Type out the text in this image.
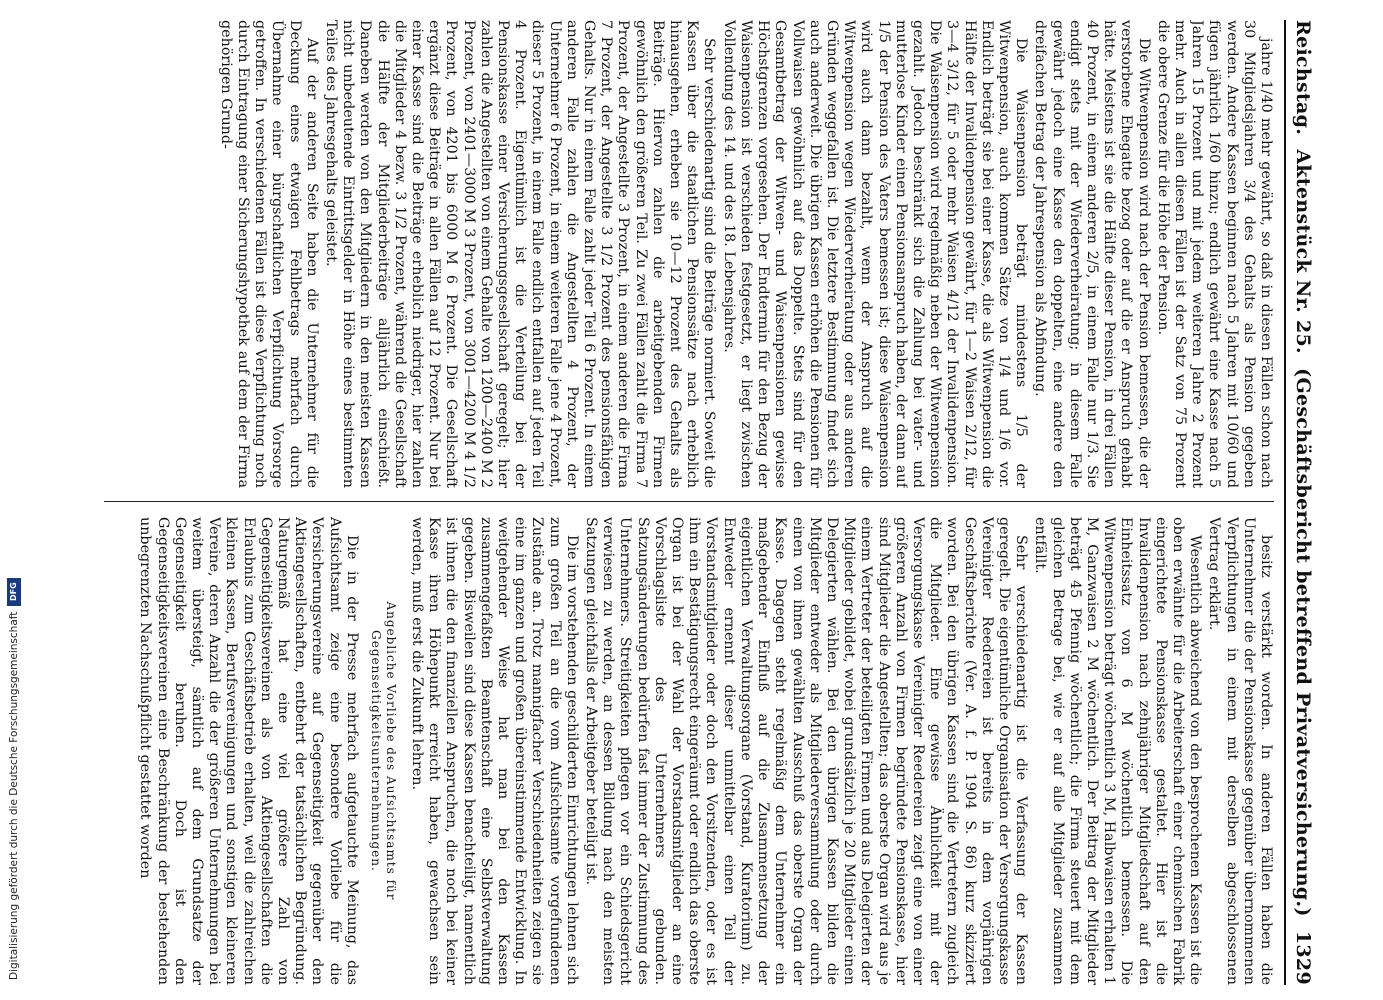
Reichstag.
Aktenstück Nr. 25.
(Geschäftsbericht betreffend Privatversicherung.)
1329

jahre 1/40 mehr gewährt, so daß in diesen Fällen schon nach 30 Mitgliedsjahren 3/4 des Gehalts als Pension gegeben werden. Andere Kassen beginnen nach 5 Jahren mit 10/60 und fügen jährlich 1/60 hinzu; endlich gewährt eine Kasse nach 5 Jahren 15 Prozent und mit jedem weiteren Jahre 2 Prozent mehr. Auch in allen diesen Fällen ist der Satz von 75 Prozent die obere Grenze für die Höhe der Pension.

Die Witwenpension wird nach der Pension bemessen, die der verstorbene Ehegatte bezog oder auf die er Anspruch gehabt hätte. Meistens ist sie die Hälfte dieser Pension, in drei Fällen 40 Prozent, in einem anderen 2/5, in einem Falle nur 1/3. Sie endigt stets mit der Wiederverheiratung; in diesem Falle gewährt jedoch eine Kasse den doppelten, eine andere den dreifachen Betrag der Jahrespension als Abfindung.

Die Waisenpension beträgt mindestens 1/5 der Witwenpension, auch kommen Sätze von 1/4 und 1/6 vor. Endlich beträgt sie bei einer Kasse, die als Witwenpension die Hälfte der Invalidenpension gewährt, für 1—2 Waisen 2/12, für 3—4 3/12, für 5 oder mehr Waisen 4/12 der Invalidenpension. Die Waisenpension wird regelmäßig neben der Witwenpension gezahlt. Jedoch beschränkt sich die Zahlung bei vater- und mutterlose Kinder einen Pensionsanspruch haben, der dann auf 1/5 der Pension des Vaters bemessen ist; diese Waisenpension wird auch dann bezahlt, wenn der Anspruch auf die Witwenpension wegen Wiederverheiratung oder aus anderen Gründen weggefallen ist. Die letztere Bestimmung findet sich auch anderweit. Die übrigen Kassen erhöhen die Pensionen für Vollwaisen gewöhnlich auf das Doppelte. Stets sind für den Gesamtbetrag der Witwen- und Waisenpensionen gewisse Höchstgrenzen vorgesehen. Der Endtermin für den Bezug der Waisenpension ist verschieden festgesetzt, er liegt zwischen Vollendung des 14. und des 18. Lebensjahres.

Sehr verschiedenartig sind die Beiträge normiert. Soweit die Kassen über die staatlichen Pensionssätze nach erheblich hinausgehen, erheben sie 10—12 Prozent des Gehalts als Beiträge. Hiervon zahlen die arbeitgebenden Firmen gewöhnlich den größeren Teil. Zu zwei Fällen zahlt die Firma 7 Prozent, der Angestellte 3 Prozent, in einem anderen die Firma 7 Prozent, der Angestellte 3 1/2 Prozent des pensionsfähigen Gehalts. Nur in einem Falle zahlt jeder Teil 6 Prozent. In einem anderen Falle zahlen die Angestellten 4 Prozent, der Unternehmer 6 Prozent, in einem weiteren Falle jene 4 Prozent, dieser 5 Prozent, in einem Falle endlich entfallen auf jeden Teil 4 Prozent. Eigentümlich ist die Verteilung bei der Pensionskasse einer Versicherungsgesellschaft geregelt; hier zahlen die Angestellten von einem Gehalte von 1200—2400 M 2 Prozent, von 2401—3000 M 3 Prozent, von 3001—4200 M 4 1/2 Prozent, von 4201 bis 6000 M 6 Prozent. Die Gesellschaft ergänzt diese Beiträge in allen Fällen auf 12 Prozent. Nur bei einer Kasse sind die Beiträge erheblich niedriger, hier zahlen die Mitglieder 4 bezw. 3 1/2 Prozent, während die Gesellschaft die Hälfte der Mitgliederbeiträge alljährlich einschießt. Daneben werden von den Mitgliedern in den meisten Kassen nicht unbedeutende Eintrittsgelder in Höhe eines bestimmten Teiles des Jahresgehalts geleistet.

Auf der anderen Seite haben die Unternehmer für die Deckung eines etwaigen Fehlbetrags mehrfach durch Übernahme einer bürgschaftlichen Verpflichtung Vorsorge getroffen. In verschiedenen Fällen ist diese Verpflichtung noch durch Eintragung einer Sicherungshypothek auf dem der Firma gehörigen Grund-

besitz verstärkt worden. In anderen Fällen haben die Unternehmer die der Pensionskasse gegenüber übernommenen Verpflichtungen in einem mit derselben abgeschlossenen Vertrag erklärt.

Wesentlich abweichend von den besprochenen Kassen ist die oben erwähnte für die Arbeiterschaft einer chemischen Fabrik eingerichtete Pensionskasse gestaltet. Hier ist die Invalidenpension nach zehnjähriger Mitgliedschaft auf den Einheitssatz von 6 M wöchentlich bemessen. Die Witwenpension beträgt wöchentlich 3 M, Halbwaisen erhalten 1 M, Ganzwaisen 2 M wöchentlich. Der Beitrag der Mitglieder beträgt 45 Pfennig wöchentlich; die Firma steuert mit dem gleichen Betrage bei, wie er auf alle Mitglieder zusammen entfällt.

Sehr verschiedenartig ist die Verfassung der Kassen geregelt. Die eigentümliche Organisation der Versorgungskasse Vereinigter Reedereien ist bereits in dem vorjährigen Geschäftsberichte (Ver. A. f. P. 1904 S. 86) kurz skizziert worden. Bei den übrigen Kassen sind die Vertretern zugleich die Mitglieder. Eine gewisse Ähnlichkeit mit der Versorgungskasse Vereinigter Reedereien zeigt eine von einer größeren Anzahl von Firmen begründete Pensionskasse, hier sind Mitglieder die Angestellten; das oberste Organ wird aus je einem Vertreter der beteiligten Firmen und aus Delegierten der Mitglieder gebildet, wobei grundsätzlich je 20 Mitglieder einen Delegierten wählen. Bei den übrigen Kassen bilden die Mitglieder entweder als Mitgliederversammlung oder durch einen von ihnen gewählten Ausschuß das oberste Organ der Kasse. Dagegen steht regelmäßig dem Unternehmer ein maßgebender Einfluß auf die Zusammensetzung der eigentlichen Verwaltungsorgane (Vorstand, Kuratorium) zu. Entweder ernennt dieser unmittelbar einen Teil der Vorstandsmitglieder oder doch den Vorsitzenden, oder es ist ihm ein Bestätigungsrecht eingeräumt oder endlich das oberste Organ ist bei der Wahl der Vorstandsmitglieder an eine Vorschlagsliste des Unternehmers gebunden. Satzungsänderungen bedürfen fast immer der Zustimmung des Unternehmers. Streitigkeiten pflegen vor ein Schiedsgericht verwiesen zu werden, an dessen Bildung nach den meisten Satzungen gleichfalls der Arbeitgeber beteiligt ist.

Die im vorstehenden geschilderten Einrichtungen lehnen sich zum großen Teil an die vom Aufsichtsamte vorgefundenen Zustände an. Trotz mannigfacher Verschiedenheiten zeigen sie eine im ganzen und großen übereinstimmende Entwicklung. In weitgehender Weise hat man bei den Kassen zusammengefaßten Beamtenschaft eine Selbstverwaltung gegeben. Bisweilen sind diese Kassen benachteiligt, namentlich ist ihnen die den finanziellen Anspruchen, die noch bei keiner Kasse ihren Höhepunkt erreicht haben, gewachsen sein werden, muß erst die Zukunft lehren.

Angebliche Vorliebe des Aufsichtsamts für Gegenseitigkeitsunternehmungen.

Die in der Presse mehrfach aufgetauchte Meinung, das Aufsichtsamt zeige eine besondere Vorliebe für die Versicherungsvereine auf Gegenseitigkeit gegenüber den Aktiengesellschaften, entbehrt der tatsächlichen Begründung. Naturgemäß hat eine viel größere Zahl von Gegenseitigkeitsvereinen als von Aktiengesellschaften die Erlaubnis zum Geschäftsbetrieb erhalten, weil die zahlreichen kleinen Kassen, Berufsvereinigungen und sonstigen kleineren Vereine, deren Anzahl die der größeren Unternehmungen bei weitem übersteigt, sämtlich auf dem Grundsatze der Gegenseitigkeit beruhen. Doch ist den Gegenseitigkeitsvereinen eine Beschränkung der bestehenden unbegrenzten Nachschußpflicht gestattet worden

Digitalisierung gefördert durch die Deutsche Forschungsgemeinschaft
DFG
